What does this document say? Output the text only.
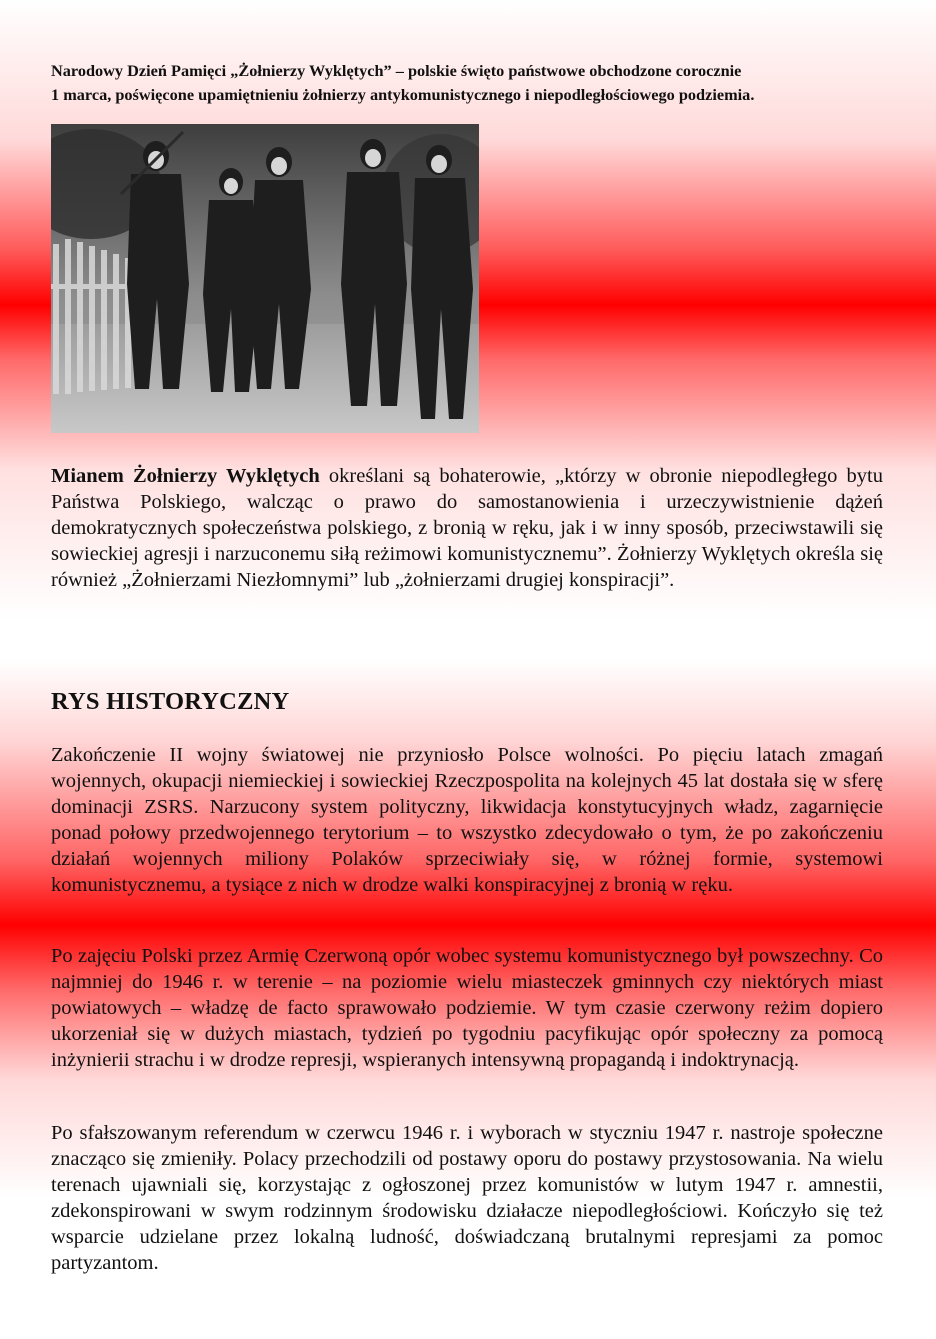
Narodowy Dzień Pamięci „Żołnierzy Wyklętych” – polskie święto państwowe obchodzone corocznie
1 marca, poświęcone upamiętnieniu żołnierzy antykomunistycznego i niepodległościowego podziemia.

Mianem Żołnierzy Wyklętych określani są bohaterowie, „którzy w obronie niepodległego bytu Państwa Polskiego, walcząc o prawo do samostanowienia i urzeczywistnienie dążeń demokratycznych społeczeństwa polskiego, z bronią w ręku, jak i w inny sposób, przeciwstawili się sowieckiej agresji i narzuconemu siłą reżimowi komunistycznemu”. Żołnierzy Wyklętych określa się również „Żołnierzami Niezłomnymi” lub „żołnierzami drugiej konspiracji”.

RYS HISTORYCZNY

Zakończenie II wojny światowej nie przyniosło Polsce wolności. Po pięciu latach zmagań wojennych, okupacji niemieckiej i sowieckiej Rzeczpospolita na kolejnych 45 lat dostała się w sferę dominacji ZSRS. Narzucony system polityczny, likwidacja konstytucyjnych władz, zagarnięcie ponad połowy przedwojennego terytorium – to wszystko zdecydowało o tym, że po zakończeniu działań wojennych miliony Polaków sprzeciwiały się, w różnej formie, systemowi komunistycznemu, a tysiące z nich w drodze walki konspiracyjnej z bronią w ręku.

Po zajęciu Polski przez Armię Czerwoną opór wobec systemu komunistycznego był powszechny. Co najmniej do 1946 r. w terenie – na poziomie wielu miasteczek gminnych czy niektórych miast powiatowych – władzę de facto sprawowało podziemie. W tym czasie czerwony reżim dopiero ukorzeniał się w dużych miastach, tydzień po tygodniu pacyfikując opór społeczny za pomocą inżynierii strachu i w drodze represji, wspieranych intensywną propagandą i indoktrynacją.

Po sfałszowanym referendum w czerwcu 1946 r. i wyborach w styczniu 1947 r. nastroje społeczne znacząco się zmieniły. Polacy przechodzili od postawy oporu do postawy przystosowania. Na wielu terenach ujawniali się, korzystając z ogłoszonej przez komunistów w lutym 1947 r. amnestii, zdekonspirowani w swym rodzinnym środowisku działacze niepodległościowi. Kończyło się też wsparcie udzielane przez lokalną ludność, doświadczaną brutalnymi represjami za pomoc partyzantom.
